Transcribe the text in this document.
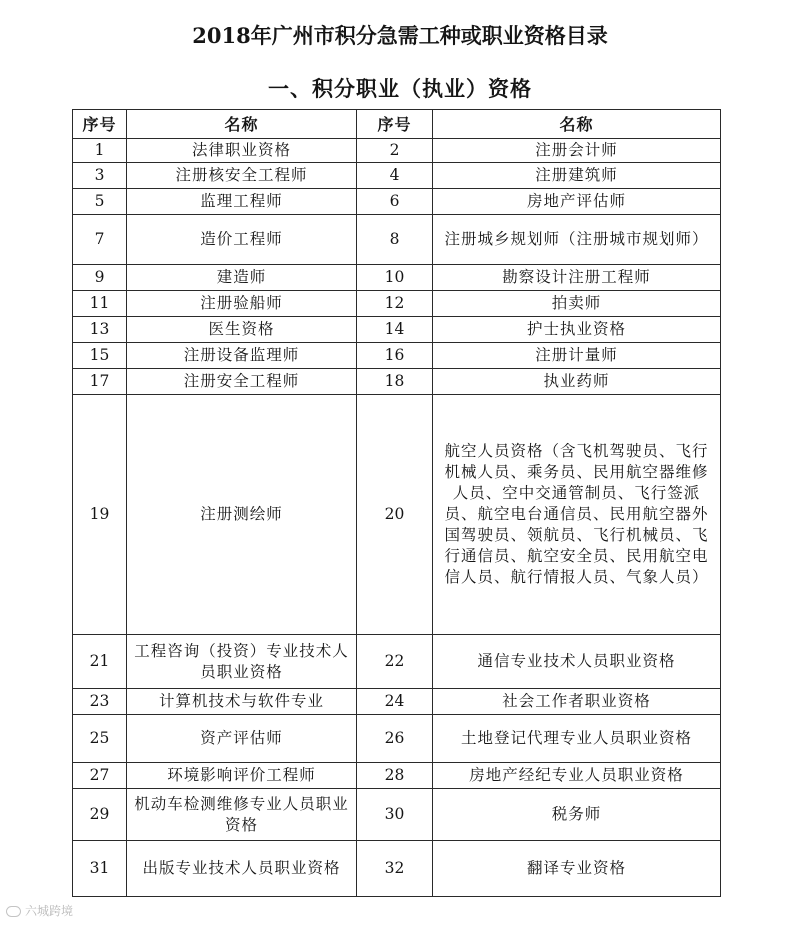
2018年广州市积分急需工种或职业资格目录
一、积分职业（执业）资格
序号	名称	序号	名称
1	法律职业资格	2	注册会计师
3	注册核安全工程师	4	注册建筑师
5	监理工程师	6	房地产评估师
7	造价工程师	8	注册城乡规划师（注册城市规划师）
9	建造师	10	勘察设计注册工程师
11	注册验船师	12	拍卖师
13	医生资格	14	护士执业资格
15	注册设备监理师	16	注册计量师
17	注册安全工程师	18	执业药师
19	注册测绘师	20	航空人员资格（含飞机驾驶员、飞行机械人员、乘务员、民用航空器维修人员、空中交通管制员、飞行签派员、航空电台通信员、民用航空器外国驾驶员、领航员、飞行机械员、飞行通信员、航空安全员、民用航空电信人员、航行情报人员、气象人员）
21	工程咨询（投资）专业技术人员职业资格	22	通信专业技术人员职业资格
23	计算机技术与软件专业	24	社会工作者职业资格
25	资产评估师	26	土地登记代理专业人员职业资格
27	环境影响评价工程师	28	房地产经纪专业人员职业资格
29	机动车检测维修专业人员职业资格	30	税务师
31	出版专业技术人员职业资格	32	翻译专业资格
六城跨境
